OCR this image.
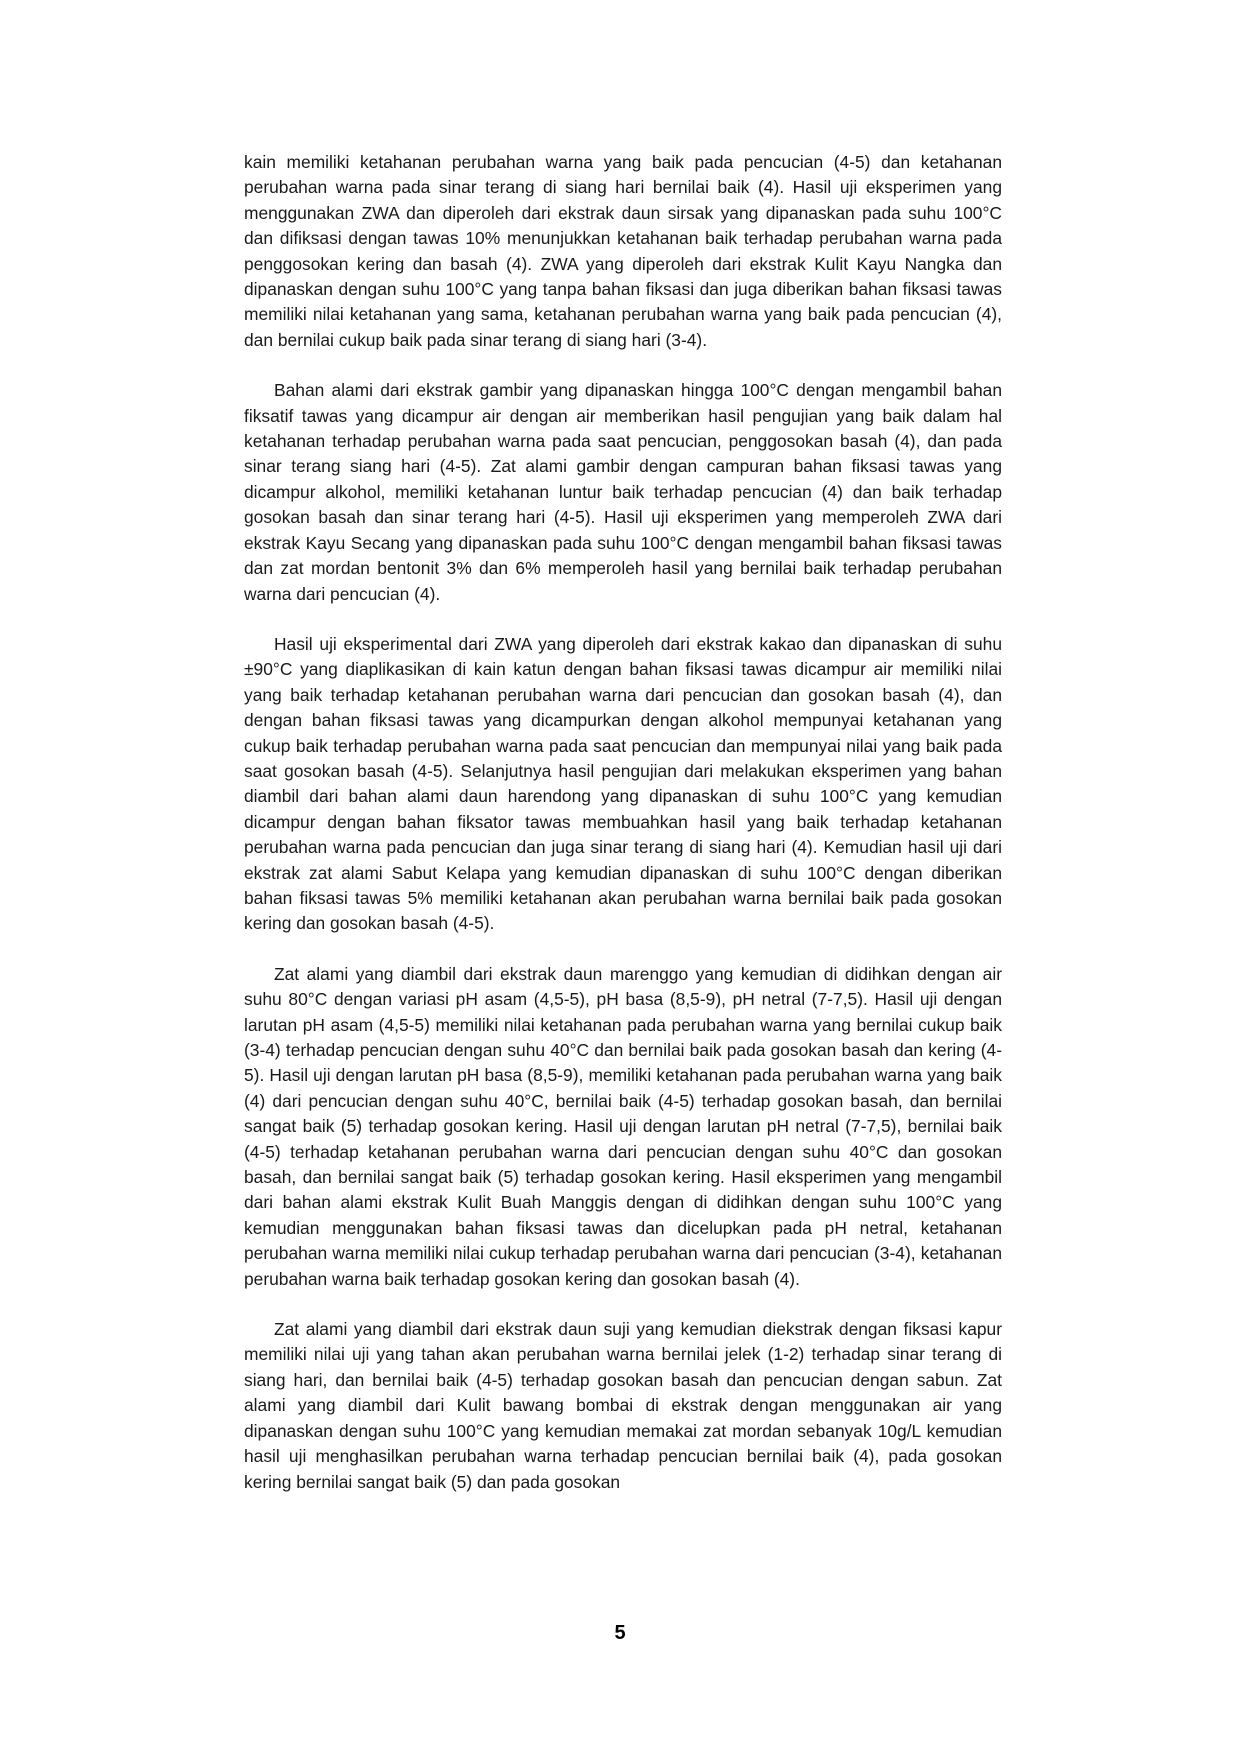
kain memiliki ketahanan perubahan warna yang baik pada pencucian (4-5) dan ketahanan perubahan warna pada sinar terang di siang hari bernilai baik (4). Hasil uji eksperimen yang menggunakan ZWA dan diperoleh dari ekstrak daun sirsak yang dipanaskan pada suhu 100°C dan difiksasi dengan tawas 10% menunjukkan ketahanan baik terhadap perubahan warna pada penggosokan kering dan basah (4). ZWA yang diperoleh dari ekstrak Kulit Kayu Nangka dan dipanaskan dengan suhu 100°C yang tanpa bahan fiksasi dan juga diberikan bahan fiksasi tawas memiliki nilai ketahanan yang sama, ketahanan perubahan warna yang baik pada pencucian (4), dan bernilai cukup baik pada sinar terang di siang hari (3-4).

Bahan alami dari ekstrak gambir yang dipanaskan hingga 100°C dengan mengambil bahan fiksatif tawas yang dicampur air dengan air memberikan hasil pengujian yang baik dalam hal ketahanan terhadap perubahan warna pada saat pencucian, penggosokan basah (4), dan pada sinar terang siang hari (4-5). Zat alami gambir dengan campuran bahan fiksasi tawas yang dicampur alkohol, memiliki ketahanan luntur baik terhadap pencucian (4) dan baik terhadap gosokan basah dan sinar terang hari (4-5). Hasil uji eksperimen yang memperoleh ZWA dari ekstrak Kayu Secang yang dipanaskan pada suhu 100°C dengan mengambil bahan fiksasi tawas dan zat mordan bentonit 3% dan 6% memperoleh hasil yang bernilai baik terhadap perubahan warna dari pencucian (4).

Hasil uji eksperimental dari ZWA yang diperoleh dari ekstrak kakao dan dipanaskan di suhu ±90°C yang diaplikasikan di kain katun dengan bahan fiksasi tawas dicampur air memiliki nilai yang baik terhadap ketahanan perubahan warna dari pencucian dan gosokan basah (4), dan dengan bahan fiksasi tawas yang dicampurkan dengan alkohol mempunyai ketahanan yang cukup baik terhadap perubahan warna pada saat pencucian dan mempunyai nilai yang baik pada saat gosokan basah (4-5). Selanjutnya hasil pengujian dari melakukan eksperimen yang bahan diambil dari bahan alami daun harendong yang dipanaskan di suhu 100°C yang kemudian dicampur dengan bahan fiksator tawas membuahkan hasil yang baik terhadap ketahanan perubahan warna pada pencucian dan juga sinar terang di siang hari (4). Kemudian hasil uji dari ekstrak zat alami Sabut Kelapa yang kemudian dipanaskan di suhu 100°C dengan diberikan bahan fiksasi tawas 5% memiliki ketahanan akan perubahan warna bernilai baik pada gosokan kering dan gosokan basah (4-5).

Zat alami yang diambil dari ekstrak daun marenggo yang kemudian di didihkan dengan air suhu 80°C dengan variasi pH asam (4,5-5), pH basa (8,5-9), pH netral (7-7,5). Hasil uji dengan larutan pH asam (4,5-5) memiliki nilai ketahanan pada perubahan warna yang bernilai cukup baik (3-4) terhadap pencucian dengan suhu 40°C dan bernilai baik pada gosokan basah dan kering (4-5). Hasil uji dengan larutan pH basa (8,5-9), memiliki ketahanan pada perubahan warna yang baik (4) dari pencucian dengan suhu 40°C, bernilai baik (4-5) terhadap gosokan basah, dan bernilai sangat baik (5) terhadap gosokan kering. Hasil uji dengan larutan pH netral (7-7,5), bernilai baik (4-5) terhadap ketahanan perubahan warna dari pencucian dengan suhu 40°C dan gosokan basah, dan bernilai sangat baik (5) terhadap gosokan kering. Hasil eksperimen yang mengambil dari bahan alami ekstrak Kulit Buah Manggis dengan di didihkan dengan suhu 100°C yang kemudian menggunakan bahan fiksasi tawas dan dicelupkan pada pH netral, ketahanan perubahan warna memiliki nilai cukup terhadap perubahan warna dari pencucian (3-4), ketahanan perubahan warna baik terhadap gosokan kering dan gosokan basah (4).

Zat alami yang diambil dari ekstrak daun suji yang kemudian diekstrak dengan fiksasi kapur memiliki nilai uji yang tahan akan perubahan warna bernilai jelek (1-2) terhadap sinar terang di siang hari, dan bernilai baik (4-5) terhadap gosokan basah dan pencucian dengan sabun. Zat alami yang diambil dari Kulit bawang bombai di ekstrak dengan menggunakan air yang dipanaskan dengan suhu 100°C yang kemudian memakai zat mordan sebanyak 10g/L kemudian hasil uji menghasilkan perubahan warna terhadap pencucian bernilai baik (4), pada gosokan kering bernilai sangat baik (5) dan pada gosokan

5
